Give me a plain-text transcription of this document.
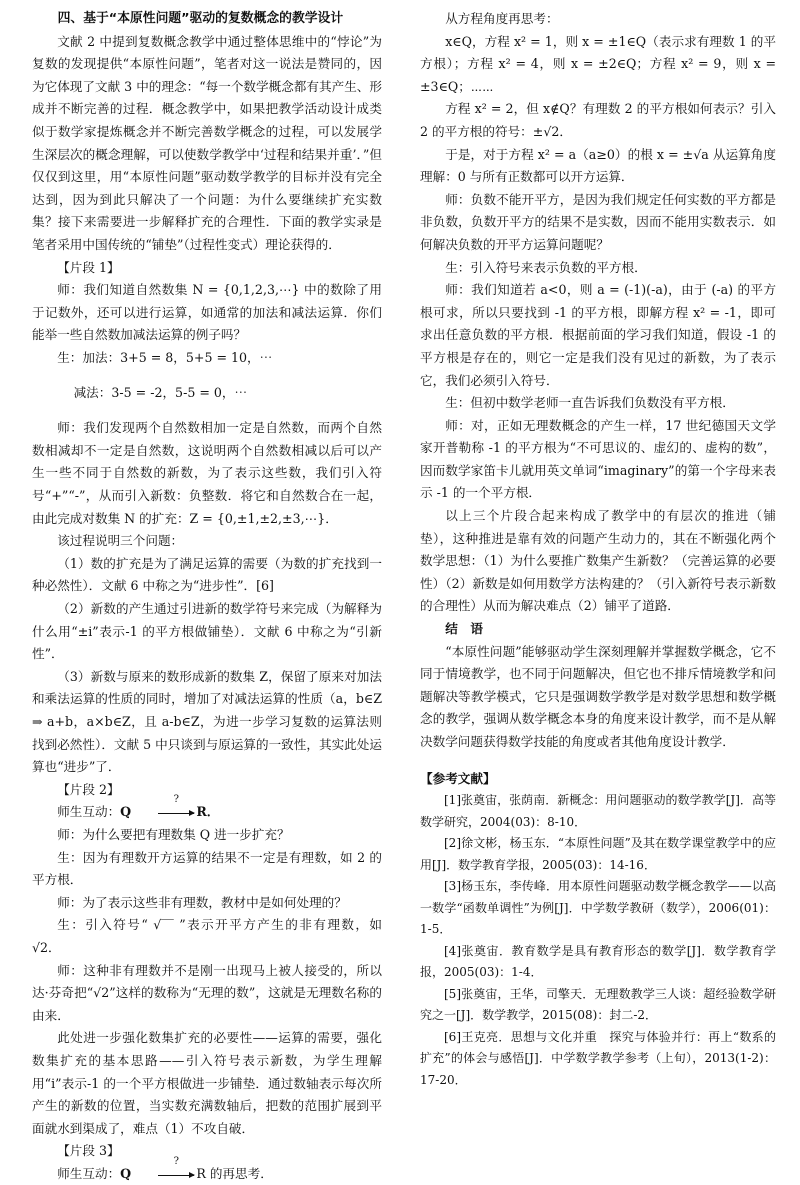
四、基于“本原性问题”驱动的复数概念的教学设计

文献 2 中提到复数概念教学中通过整体思维中的“悖论”为复数的发现提供“本原性问题”，笔者对这一说法是赞同的，因为它体现了文献 3 中的理念：“每一个数学概念都有其产生、形成并不断完善的过程．概念教学中，如果把教学活动设计成类似于数学家提炼概念并不断完善数学概念的过程，可以发展学生深层次的概念理解，可以使数学教学中‘过程和结果并重’．”但仅仅到这里，用“本原性问题”驱动数学教学的目标并没有完全达到，因为到此只解决了一个问题：为什么要继续扩充实数集？接下来需要进一步解释扩充的合理性．下面的教学实录是笔者采用中国传统的“铺垫”（过程性变式）理论获得的．

【片段 1】

师：我们知道自然数集 N = {0,1,2,3,⋯} 中的数除了用于记数外，还可以进行运算，如通常的加法和减法运算．你们能举一些自然数加减法运算的例子吗？

生：加法：3+5 = 8，5+5 = 10，⋯

减法：3-5 = -2，5-5 = 0，⋯

师：我们发现两个自然数相加一定是自然数，而两个自然数相减却不一定是自然数，这说明两个自然数相减以后可以产生一些不同于自然数的新数，为了表示这些数，我们引入符号“+”“-”，从而引入新数：负整数．将它和自然数合在一起，由此完成对数集 N 的扩充：Z = {0,±1,±2,±3,⋯}．

该过程说明三个问题：

（1）数的扩充是为了满足运算的需要（为数的扩充找到一种必然性）．文献 6 中称之为“进步性”．[6]

（2）新数的产生通过引进新的数学符号来完成（为解释为什么用“±i”表示-1 的平方根做铺垫）．文献 6 中称之为“引新性”．

（3）新数与原来的数形成新的数集 Z，保留了原来对加法和乘法运算的性质的同时，增加了对减法运算的性质（a，b∈Z ⇒ a+b，a×b∈Z，且 a-b∈Z，为进一步学习复数的运算法则找到必然性）．文献 5 中只谈到与原运算的一致性，其实此处运算也“进步”了．

【片段 2】

师生互动：Q
?
R．

师：为什么要把有理数集 Q 进一步扩充？

生：因为有理数开方运算的结果不一定是有理数，如 2 的平方根．

师：为了表示这些非有理数，教材中是如何处理的？

生：引入符号“ √‾‾ ”表示开平方产生的非有理数，如 √2．

师：这种非有理数并不是刚一出现马上被人接受的，所以达·芬奇把“√2”这样的数称为“无理的数”，这就是无理数名称的由来．

此处进一步强化数集扩充的必要性——运算的需要，强化数集扩充的基本思路——引入符号表示新数，为学生理解用“i”表示-1 的一个平方根做进一步铺垫．通过数轴表示每次所产生的新数的位置，当实数充满数轴后，把数的范围扩展到平面就水到渠成了，难点（1）不攻自破．

【片段 3】

师生互动：Q
?
R 的再思考．

从方程角度再思考：

x∈Q，方程 x² = 1，则 x = ±1∈Q（表示求有理数 1 的平方根）；方程 x² = 4，则 x = ±2∈Q；方程 x² = 9，则 x = ±3∈Q；⋯⋯

方程 x² = 2，但 x∉Q？有理数 2 的平方根如何表示？引入 2 的平方根的符号：±√2．

于是，对于方程 x² = a（a≥0）的根 x = ±√a 从运算角度理解：0 与所有正数都可以开方运算．

师：负数不能开平方，是因为我们规定任何实数的平方都是非负数，负数开平方的结果不是实数，因而不能用实数表示．如何解决负数的开平方运算问题呢？

生：引入符号来表示负数的平方根．

师：我们知道若 a<0，则 a = (-1)(-a)，由于 (-a) 的平方根可求，所以只要找到 -1 的平方根，即解方程 x² = -1，即可求出任意负数的平方根．根据前面的学习我们知道，假设 -1 的平方根是存在的，则它一定是我们没有见过的新数，为了表示它，我们必须引入符号．

生：但初中数学老师一直告诉我们负数没有平方根．

师：对，正如无理数概念的产生一样，17 世纪德国天文学家开普勒称 -1 的平方根为“不可思议的、虚幻的、虚构的数”，因而数学家笛卡儿就用英文单词“imaginary”的第一个字母来表示 -1 的一个平方根．

以上三个片段合起来构成了教学中的有层次的推进（铺垫），这种推进是靠有效的问题产生动力的，其在不断强化两个数学思想：（1）为什么要推广数集产生新数？（完善运算的必要性）（2）新数是如何用数学方法构建的？（引入新符号表示新数的合理性）从而为解决难点（2）铺平了道路．

结　语

“本原性问题”能够驱动学生深刻理解并掌握数学概念，它不同于情境教学，也不同于问题解决，但它也不排斥情境教学和问题解决等教学模式，它只是强调数学教学是对数学思想和数学概念的教学，强调从数学概念本身的角度来设计教学，而不是从解决数学问题获得数学技能的角度或者其他角度设计教学．

【参考文献】

[1]张奠宙，张荫南．新概念：用问题驱动的数学教学[J]．高等数学研究，2004(03)：8-10．

[2]徐文彬，杨玉东．“本原性问题”及其在数学课堂教学中的应用[J]．数学教育学报，2005(03)：14-16．

[3]杨玉东，李传峰．用本原性问题驱动数学概念教学——以高一数学“函数单调性”为例[J]．中学数学教研（数学），2006(01)：1-5．

[4]张奠宙．教育数学是具有教育形态的数学[J]．数学教育学报，2005(03)：1-4．

[5]张奠宙，王华，司擎天．无理数教学三人谈：超经验数学研究之一[J]．数学教学，2015(08)：封二-2．

[6]王克亮．思想与文化并重　探究与体验并行：再上“数系的扩充”的体会与感悟[J]．中学数学教学参考（上旬），2013(1-2)：17-20．
